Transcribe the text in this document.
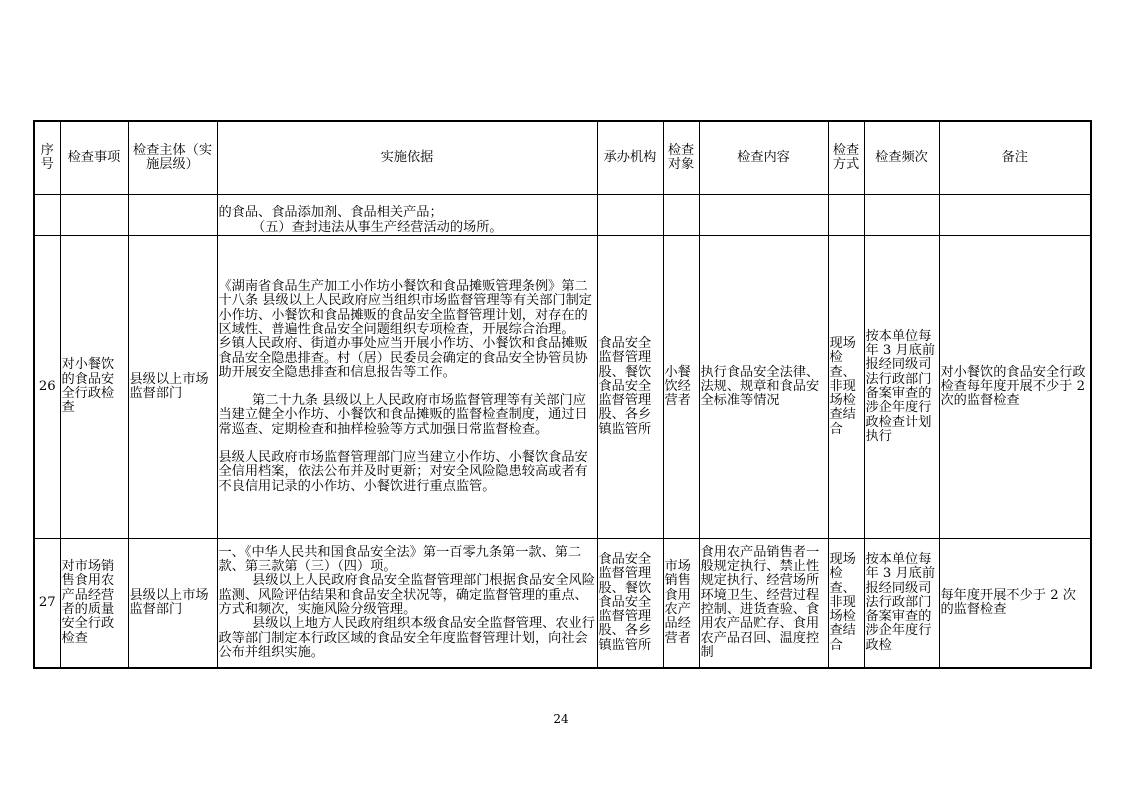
序号	检查事项	检查主体（实施层级）	实施依据	承办机构	检查对象	检查内容	检查方式	检查频次	备注

			的食品、食品添加剂、食品相关产品；
（五）查封违法从事生产经营活动的场所。						

26	对小餐饮的食品安全行政检查	县级以上市场监督部门	《湖南省食品生产加工小作坊小餐饮和食品摊贩管理条例》第二十八条 县级以上人民政府应当组织市场监督管理等有关部门制定小作坊、小餐饮和食品摊贩的食品安全监督管理计划，对存在的区域性、普遍性食品安全问题组织专项检查，开展综合治理。
乡镇人民政府、街道办事处应当开展小作坊、小餐饮和食品摊贩食品安全隐患排查。村（居）民委员会确定的食品安全协管员协助开展安全隐患排查和信息报告等工作。
第二十九条 县级以上人民政府市场监督管理等有关部门应当建立健全小作坊、小餐饮和食品摊贩的监督检查制度，通过日常巡查、定期检查和抽样检验等方式加强日常监督检查。
县级人民政府市场监督管理部门应当建立小作坊、小餐饮食品安全信用档案，依法公布并及时更新；对安全风险隐患较高或者有不良信用记录的小作坊、小餐饮进行重点监管。	食品安全监督管理股、餐饮食品安全监督管理股、各乡镇监管所	小餐饮经营者	执行食品安全法律、法规、规章和食品安全标准等情况	现场检查、非现场检查结合	按本单位每年 3 月底前报经同级司法行政部门备案审查的涉企年度行政检查计划执行	对小餐饮的食品安全行政检查每年度开展不少于 2 次的监督检查
27	对市场销售食用农产品经营者的质量安全行政检查	县级以上市场监督部门	一、《中华人民共和国食品安全法》第一百零九条第一款、第二款、第三款第（三）（四）项。
县级以上人民政府食品安全监督管理部门根据食品安全风险监测、风险评估结果和食品安全状况等，确定监督管理的重点、方式和频次，实施风险分级管理。
县级以上地方人民政府组织本级食品安全监督管理、农业行政等部门制定本行政区域的食品安全年度监督管理计划，向社会公布并组织实施。	食品安全监督管理股、餐饮食品安全监督管理股、各乡镇监管所	市场销售食用农产品经营者	食用农产品销售者一般规定执行、禁止性规定执行、经营场所环境卫生、经营过程控制、进货查验、食用农产品贮存、食用农产品召回、温度控制	现场检查、非现场检查结合	按本单位每年 3 月底前报经同级司法行政部门备案审查的涉企年度行政检	每年度开展不少于 2 次的监督检查
24
